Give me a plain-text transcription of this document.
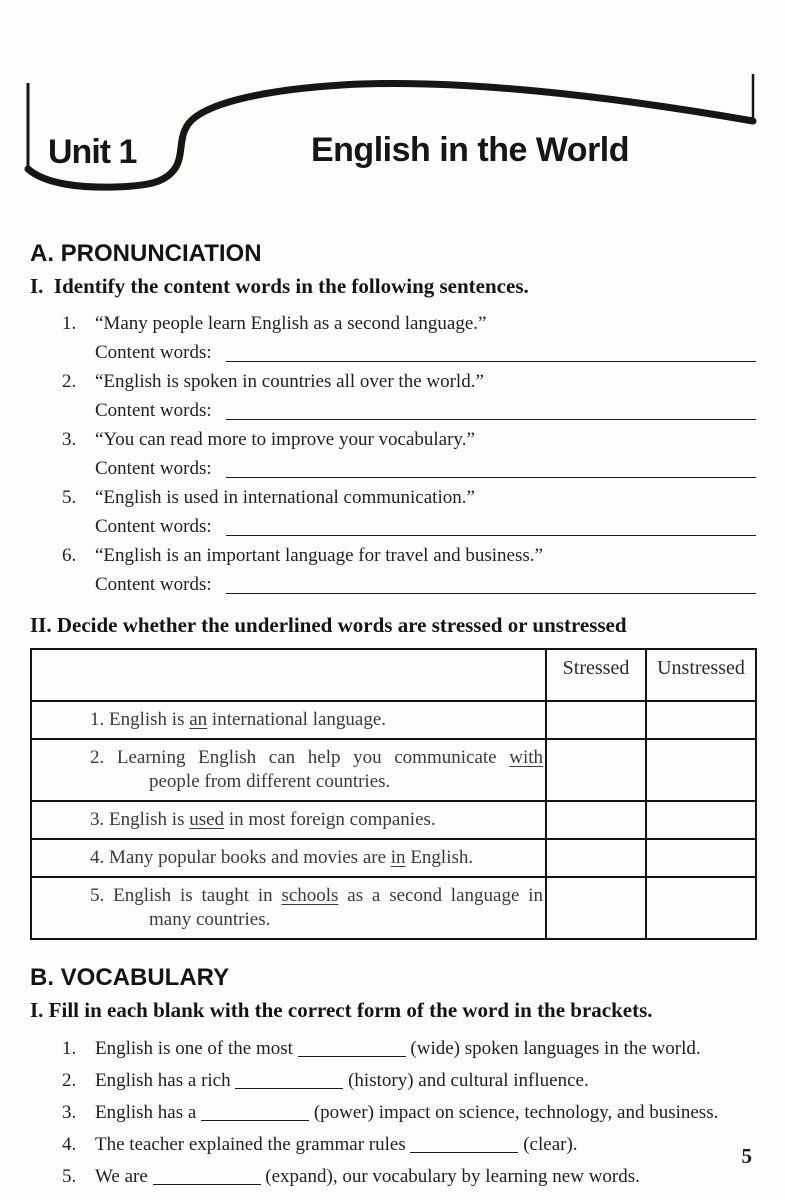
Unit 1	English in the World
A. PRONUNCIATION
I.  Identify the content words in the following sentences.
1. “Many people learn English as a second language.”
Content words:
2. “English is spoken in countries all over the world.”
Content words:
3. “You can read more to improve your vocabulary.”
Content words:
5. “English is used in international communication.”
Content words:
6. “English is an important language for travel and business.”
Content words:
II. Decide whether the underlined words are stressed or unstressed
	Stressed	Unstressed

1. English is an international language.		

2. Learning English can help you communicate with people from different countries.		

3. English is used in most foreign companies.		

4. Many popular books and movies are in English.		

5. English is taught in schools as a second language in many countries.		

B. VOCABULARY
I. Fill in each blank with the correct form of the word in the brackets.
1. English is one of the most	(wide) spoken languages in the world.
2. English has a rich	(history) and cultural influence.
3. English has a	(power) impact on science, technology, and business.
4. The teacher explained the grammar rules	(clear).
5. We are	(expand), our vocabulary by learning new words.
5
